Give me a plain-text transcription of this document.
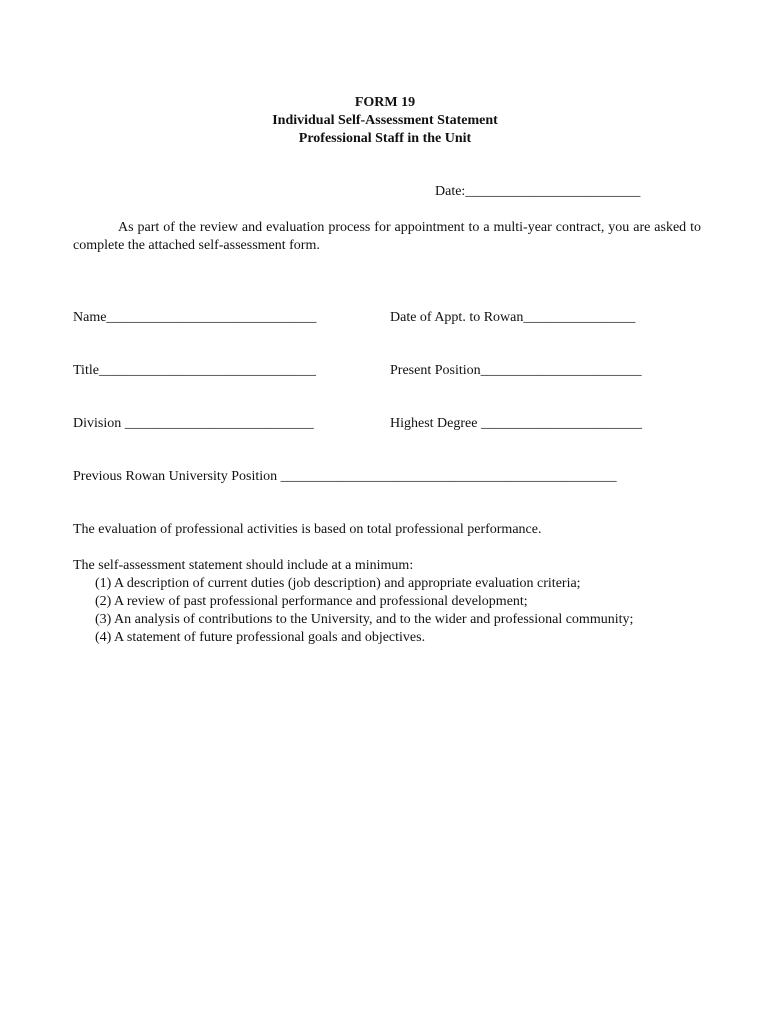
FORM 19
Individual Self-Assessment Statement
Professional Staff in the Unit
Date:_________________________
As part of the review and evaluation process for appointment to a multi-year contract, you are asked to complete the attached self-assessment form.
Name______________________________	Date of Appt. to Rowan________________
Title_______________________________	Present Position_______________________
Division ___________________________	Highest Degree _______________________
Previous Rowan University Position ________________________________________________
The evaluation of professional activities is based on total professional performance.
The self-assessment statement should include at a minimum:
(1) A description of current duties (job description) and appropriate evaluation criteria;
(2) A review of past professional performance and professional development;
(3) An analysis of contributions to the University, and to the wider and professional community;
(4) A statement of future professional goals and objectives.
